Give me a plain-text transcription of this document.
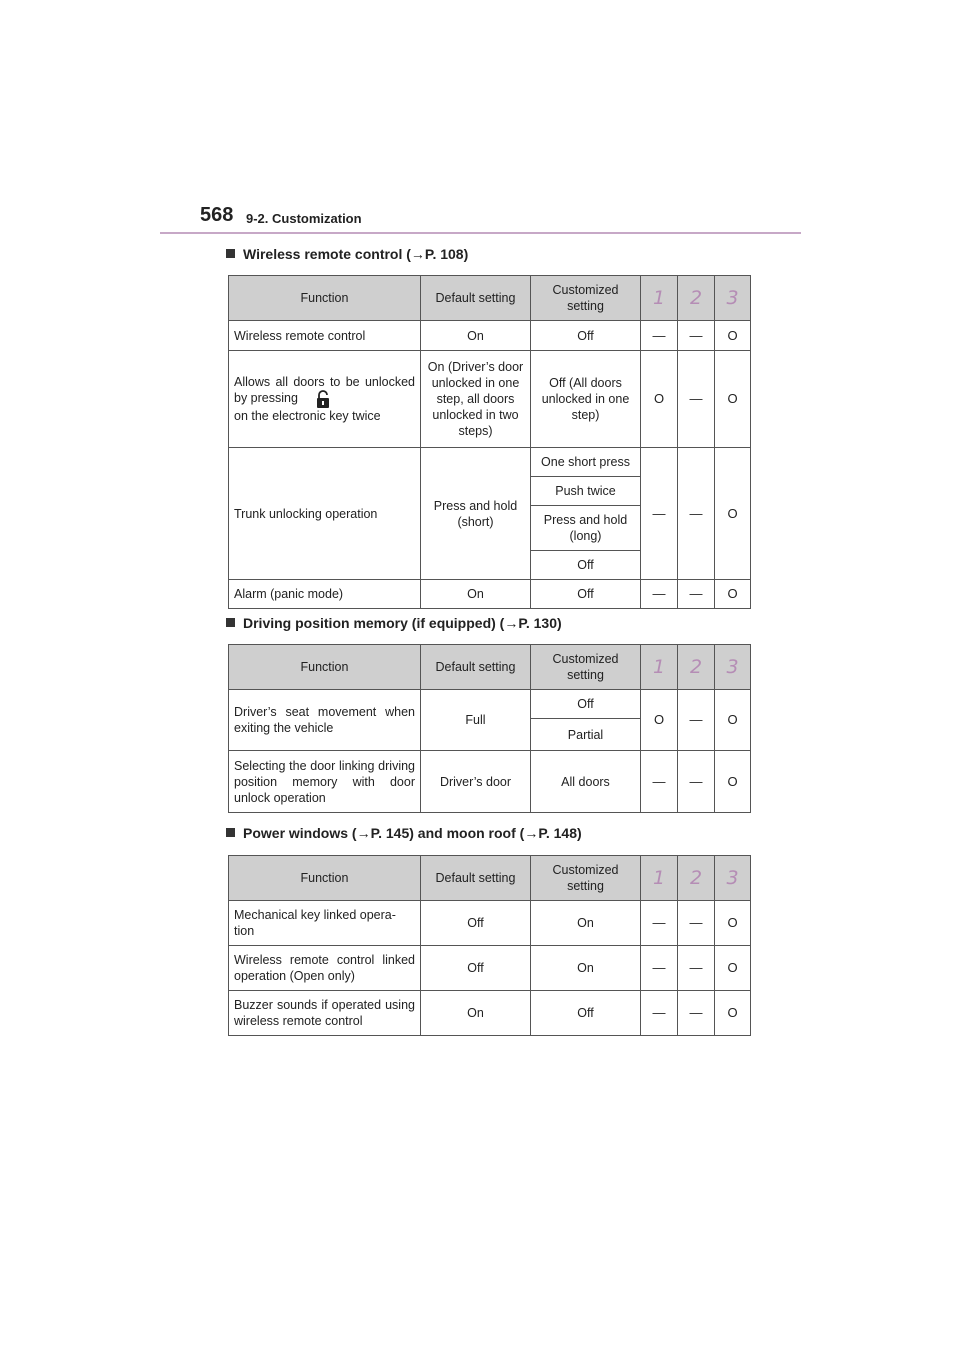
568 9-2. Customization
Wireless remote control (→P. 108)
Function	Default setting	Customized setting	1	2	3
Wireless remote control	On	Off	—	—	O
Allows all doors to be unlocked by pressing
on the electronic key twice	On (Driver’s door unlocked in one step, all doors unlocked in two steps)	Off (All doors unlocked in one step)	O	—	O
Trunk unlocking operation	Press and hold (short)	One short press	—	—	O
		Push twice			
		Press and hold (long)			
		Off			
Alarm (panic mode)	On	Off	—	—	O
Driving position memory (if equipped) (→P. 130)
Function	Default setting	Customized setting	1	2	3
Driver’s seat movement when exiting the vehicle	Full	Off	O	—	O
		Partial			
Selecting the door linking driving position memory with door unlock operation	Driver’s door	All doors	—	—	O
Power windows (→P. 145) and moon roof (→P. 148)
Function	Default setting	Customized setting	1	2	3
Mechanical key linked opera-tion	Off	On	—	—	O
Wireless remote control linked operation (Open only)	Off	On	—	—	O
Buzzer sounds if operated using wireless remote control	On	Off	—	—	O
